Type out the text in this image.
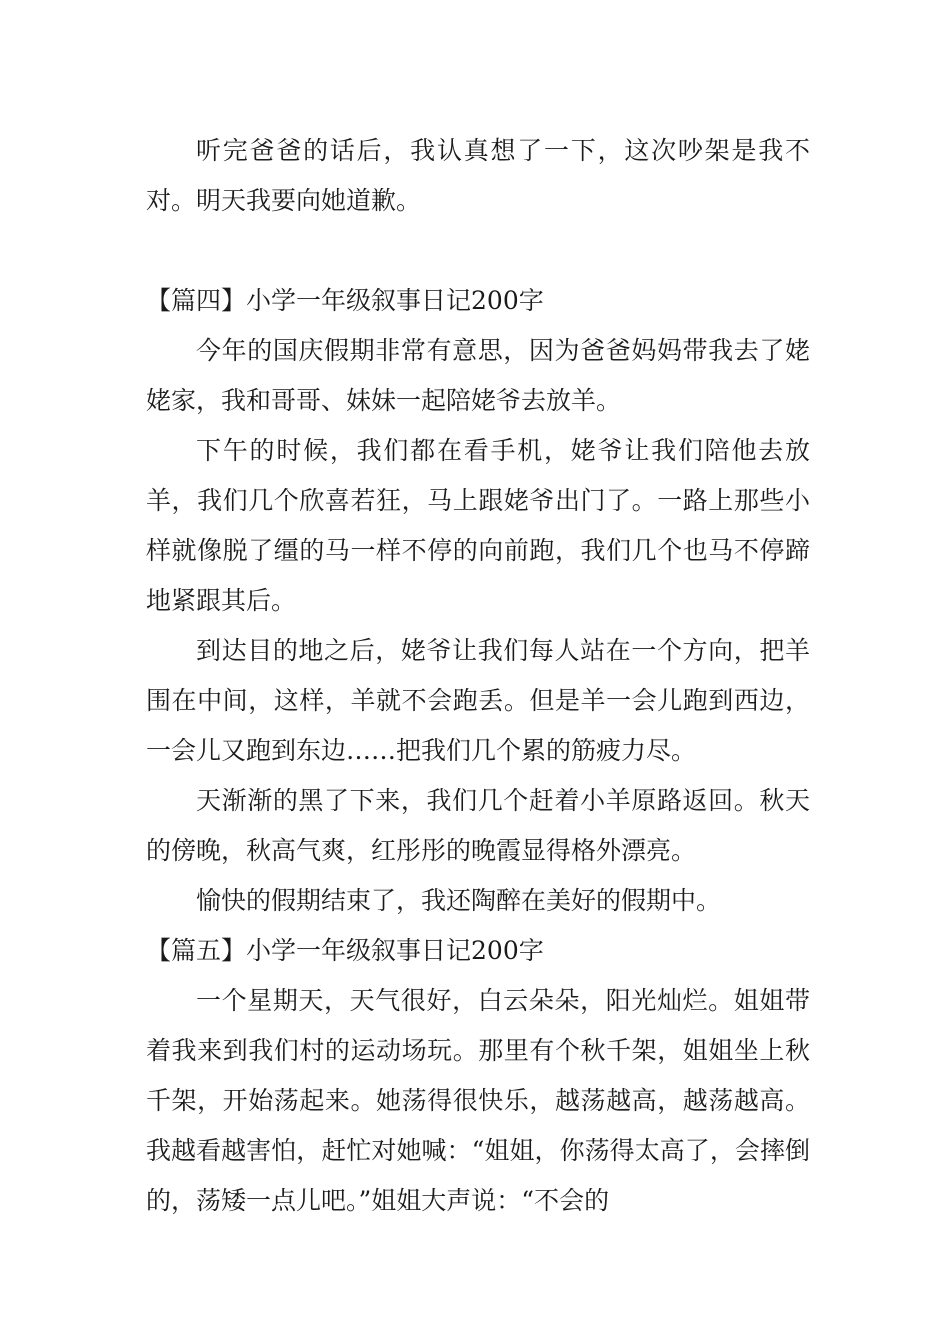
听完爸爸的话后，我认真想了一下，这次吵架是我不对。明天我要向她道歉。

【篇四】小学一年级叙事日记200字

今年的国庆假期非常有意思，因为爸爸妈妈带我去了姥姥家，我和哥哥、妹妹一起陪姥爷去放羊。

下午的时候，我们都在看手机，姥爷让我们陪他去放羊，我们几个欣喜若狂，马上跟姥爷出门了。一路上那些小样就像脱了缰的马一样不停的向前跑，我们几个也马不停蹄地紧跟其后。

到达目的地之后，姥爷让我们每人站在一个方向，把羊围在中间，这样，羊就不会跑丢。但是羊一会儿跑到西边，一会儿又跑到东边……把我们几个累的筋疲力尽。

天渐渐的黑了下来，我们几个赶着小羊原路返回。秋天的傍晚，秋高气爽，红彤彤的晚霞显得格外漂亮。

愉快的假期结束了，我还陶醉在美好的假期中。

【篇五】小学一年级叙事日记200字

一个星期天，天气很好，白云朵朵，阳光灿烂。姐姐带着我来到我们村的运动场玩。那里有个秋千架，姐姐坐上秋千架，开始荡起来。她荡得很快乐，越荡越高，越荡越高。我越看越害怕，赶忙对她喊：“姐姐，你荡得太高了，会摔倒的，荡矮一点儿吧。”姐姐大声说：“不会的
